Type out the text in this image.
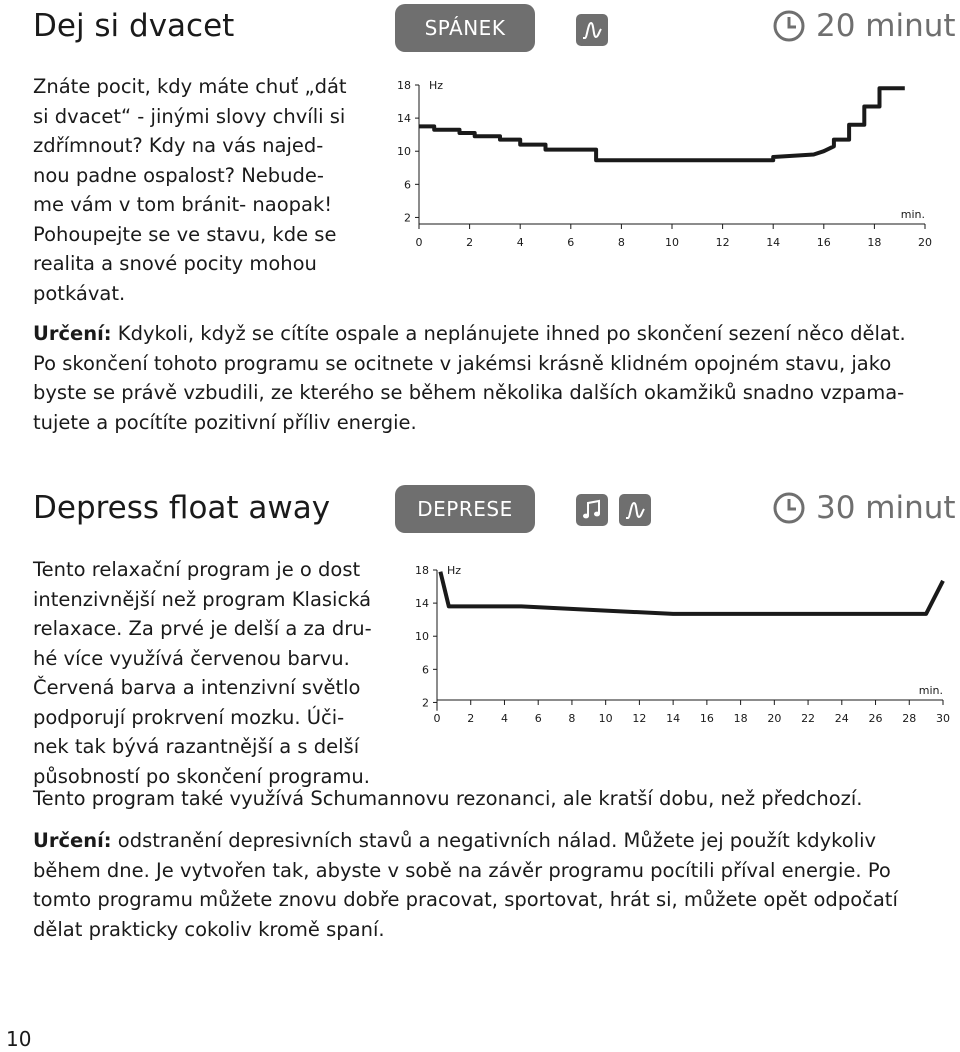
Dej si dvacet	SPÁNEK	20 minut
Znáte pocit, kdy máte chuť „dát
si dvacet“ - jinými slovy chvíli si
zdřímnout? Kdy na vás najed-
nou padne ospalost? Nebude-
me vám v tom bránit- naopak!
Pohoupejte se ve stavu, kde se
realita a snové pocity mohou
potkávat.
2
6
10
14
18 Hz
0	2	4	6	8	10	12	14	16	18	20
min.
Určení: Kdykoli, když se cítíte ospale a neplánujete ihned po skončení sezení něco dělat.
Po skončení tohoto programu se ocitnete v jakémsi krásně klidném opojném stavu, jako
byste se právě vzbudili, ze kterého se během několika dalších okamžiků snadno vzpama-
tujete a pocítíte pozitivní příliv energie.
Depress float away	DEPRESE	30 minut
Tento relaxační program je o dost
intenzivnější než program Klasická
relaxace. Za prvé je delší a za dru-
hé více využívá červenou barvu.
Červená barva a intenzivní světlo
podporují prokrvení mozku. Úči-
nek tak bývá razantnější a s delší
působností po skončení programu.
2
6
10
14
18 Hz
0 2 4 6 8 10 12 14 16 18 20 22 24 26 28 30
min.
Tento program také využívá Schumannovu rezonanci, ale kratší dobu, než předchozí.
Určení: odstranění depresivních stavů a negativních nálad. Můžete jej použít kdykoliv
během dne. Je vytvořen tak, abyste v sobě na závěr programu pocítili příval energie. Po
tomto programu můžete znovu dobře pracovat, sportovat, hrát si, můžete opět odpočatí
dělat prakticky cokoliv kromě spaní.
10
